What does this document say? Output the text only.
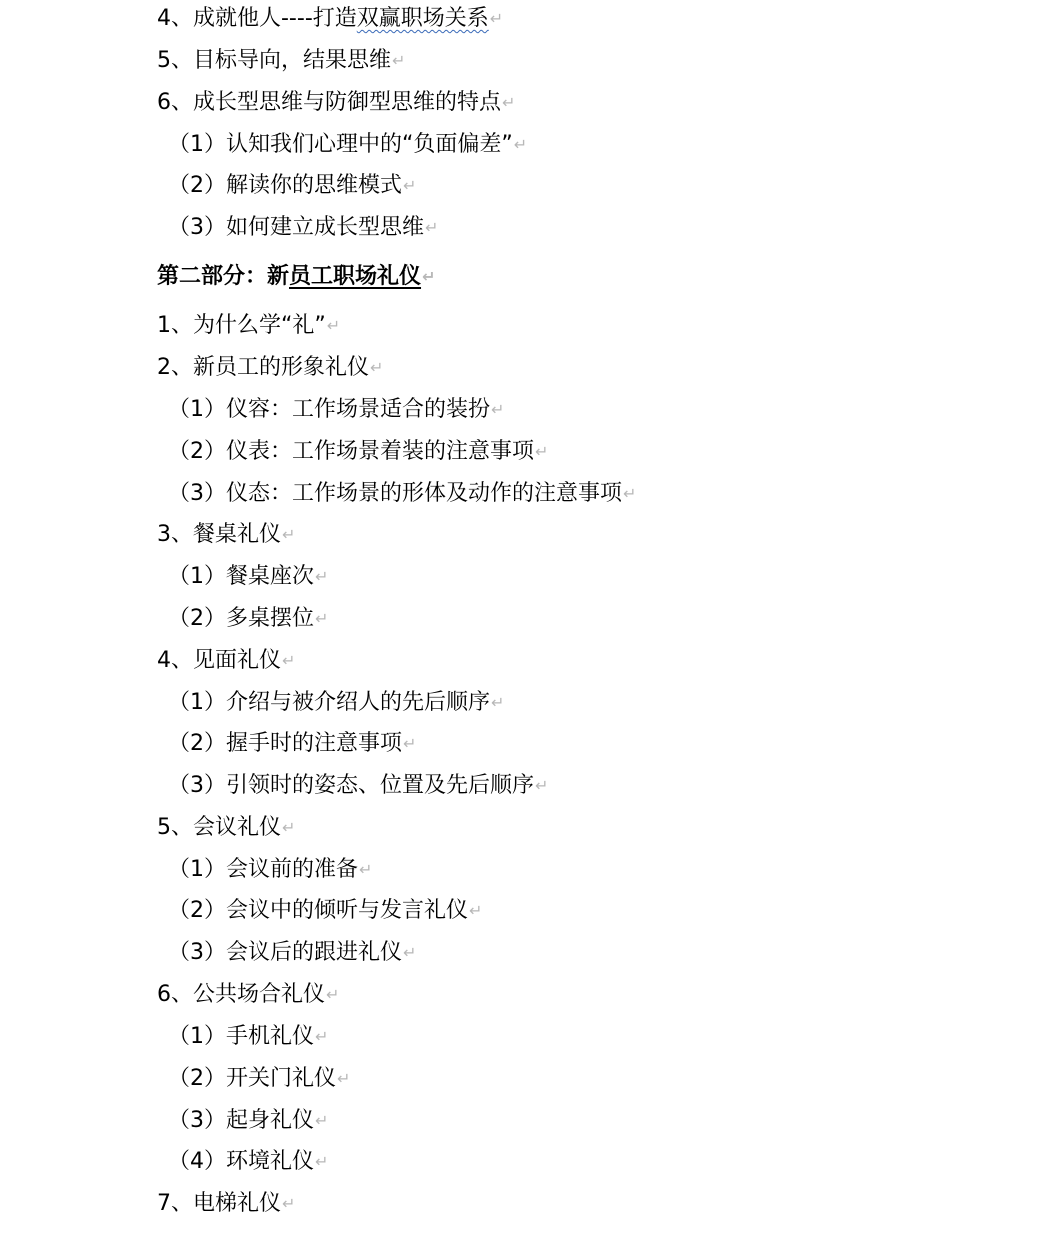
4、成就他人----打造双赢职场关系↵
5、目标导向，结果思维↵
6、成长型思维与防御型思维的特点↵
（1）认知我们心理中的“负面偏差”↵
（2）解读你的思维模式↵
（3）如何建立成长型思维↵
第二部分：新员工职场礼仪↵
1、为什么学“礼”↵
2、新员工的形象礼仪↵
（1）仪容：工作场景适合的装扮↵
（2）仪表：工作场景着装的注意事项↵
（3）仪态：工作场景的形体及动作的注意事项↵
3、餐桌礼仪↵
（1）餐桌座次↵
（2）多桌摆位↵
4、见面礼仪↵
（1）介绍与被介绍人的先后顺序↵
（2）握手时的注意事项↵
（3）引领时的姿态、位置及先后顺序↵
5、会议礼仪↵
（1）会议前的准备↵
（2）会议中的倾听与发言礼仪↵
（3）会议后的跟进礼仪↵
6、公共场合礼仪↵
（1）手机礼仪↵
（2）开关门礼仪↵
（3）起身礼仪↵
（4）环境礼仪↵
7、电梯礼仪↵
